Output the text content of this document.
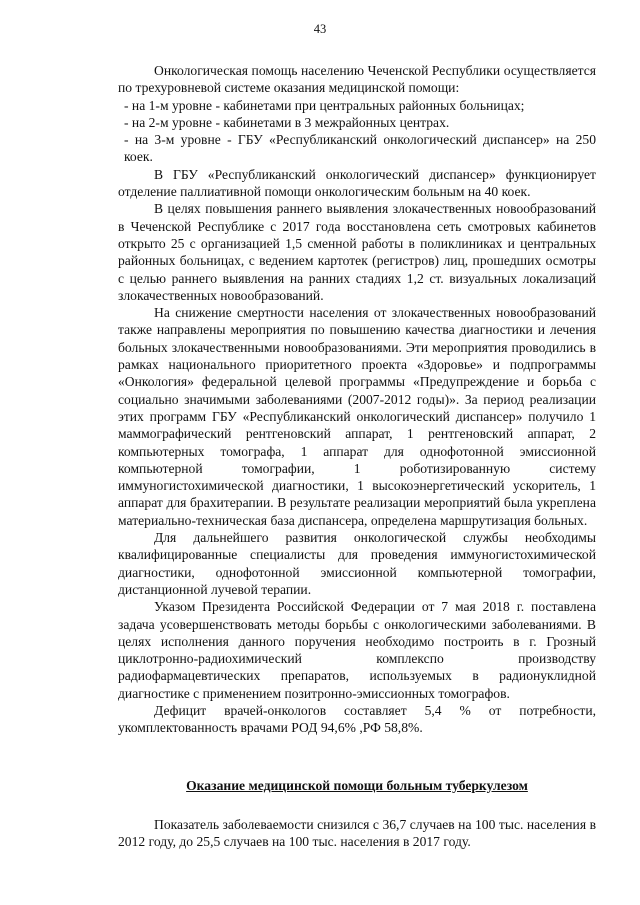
43

Онкологическая помощь населению Чеченской Республики осуществляется по трехуровневой системе оказания медицинской помощи:

- на 1-м уровне - кабинетами при центральных районных больницах;

- на 2-м уровне - кабинетами в 3 межрайонных центрах.

- на 3-м уровне - ГБУ «Республиканский онкологический диспансер» на 250 коек.

В ГБУ «Республиканский онкологический диспансер» функционирует отделение паллиативной помощи онкологическим больным на 40 коек.

В целях повышения раннего выявления злокачественных новообразований в Чеченской Республике с 2017 года восстановлена сеть смотровых кабинетов открыто 25 с организацией 1,5 сменной работы в поликлиниках и центральных районных больницах, с ведением картотек (регистров) лиц, прошедших осмотры с целью раннего выявления на ранних стадиях 1,2 ст. визуальных локализаций злокачественных новообразований.

На снижение смертности населения от злокачественных новообразований также направлены мероприятия по повышению качества диагностики и лечения больных злокачественными новообразованиями. Эти мероприятия проводились в рамках национального приоритетного проекта «Здоровье» и подпрограммы «Онкология» федеральной целевой программы «Предупреждение и борьба с социально значимыми заболеваниями (2007-2012 годы)». За период реализации этих программ ГБУ «Республиканский онкологический диспансер» получило 1 маммографический рентгеновский аппарат, 1 рентгеновский аппарат, 2 компьютерных томографа, 1 аппарат для однофотонной эмиссионной компьютерной томографии, 1 роботизированную систему иммуногистохимической диагностики, 1 высокоэнергетический ускоритель, 1 аппарат для брахитерапии. В результате реализации мероприятий была укреплена материально-техническая база диспансера, определена маршрутизация больных.

Для дальнейшего развития онкологической службы необходимы квалифицированные специалисты для проведения иммуногистохимической диагностики, однофотонной эмиссионной компьютерной томографии, дистанционной лучевой терапии.

Указом Президента Российской Федерации от 7 мая 2018 г. поставлена задача усовершенствовать методы борьбы с онкологическими заболеваниями. В целях исполнения данного поручения необходимо построить в г. Грозный циклотронно-радиохимический комплекспо производству радиофармацевтических препаратов, используемых в радионуклидной диагностике с применением позитронно-эмиссионных томографов.

Дефицит врачей-онкологов составляет 5,4 % от потребности, укомплектованность врачами РОД 94,6% ,РФ 58,8%.

Оказание медицинской помощи больным туберкулезом

Показатель заболеваемости снизился с 36,7 случаев на 100 тыс. населения в 2012 году, до 25,5 случаев на 100 тыс. населения в 2017 году.
